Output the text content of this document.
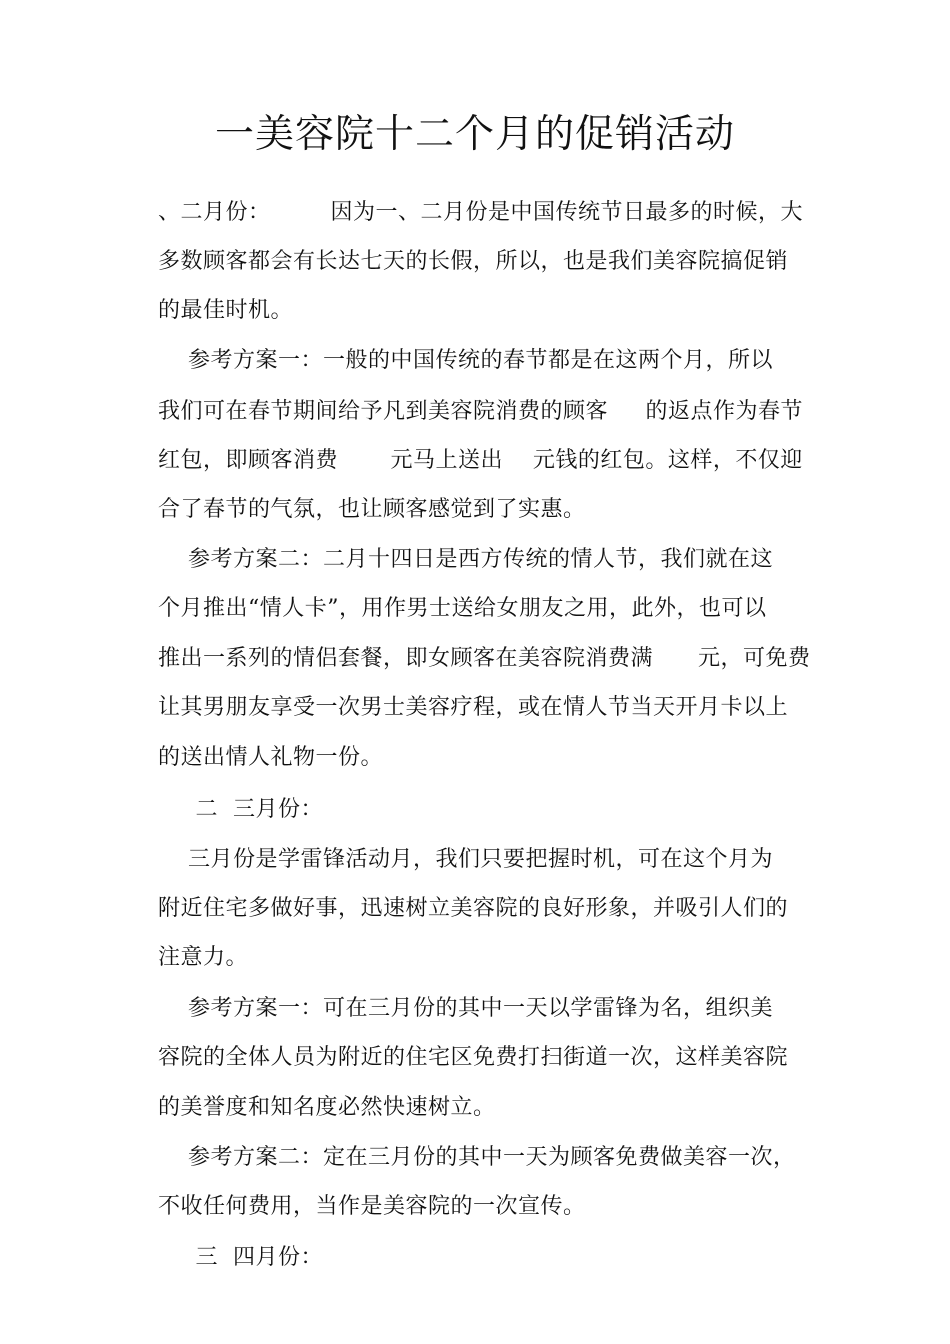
一美容院十二个月的促销活动
、二月份：        因为一、二月份是中国传统节日最多的时候，大
多数顾客都会有长达七天的长假，所以，也是我们美容院搞促销
的最佳时机。
参考方案一：一般的中国传统的春节都是在这两个月，所以
我们可在春节期间给予凡到美容院消费的顾客     的返点作为春节
红包，即顾客消费       元马上送出    元钱的红包。这样，不仅迎
合了春节的气氛，也让顾客感觉到了实惠。
参考方案二：二月十四日是西方传统的情人节，我们就在这
个月推出“情人卡”，用作男士送给女朋友之用，此外，也可以
推出一系列的情侣套餐，即女顾客在美容院消费满      元，可免费
让其男朋友享受一次男士美容疗程，或在情人节当天开月卡以上
的送出情人礼物一份。
二  三月份：
三月份是学雷锋活动月，我们只要把握时机，可在这个月为
附近住宅多做好事，迅速树立美容院的良好形象，并吸引人们的
注意力。
参考方案一：可在三月份的其中一天以学雷锋为名，组织美
容院的全体人员为附近的住宅区免费打扫街道一次，这样美容院
的美誉度和知名度必然快速树立。
参考方案二：定在三月份的其中一天为顾客免费做美容一次，
不收任何费用，当作是美容院的一次宣传。
三  四月份：
